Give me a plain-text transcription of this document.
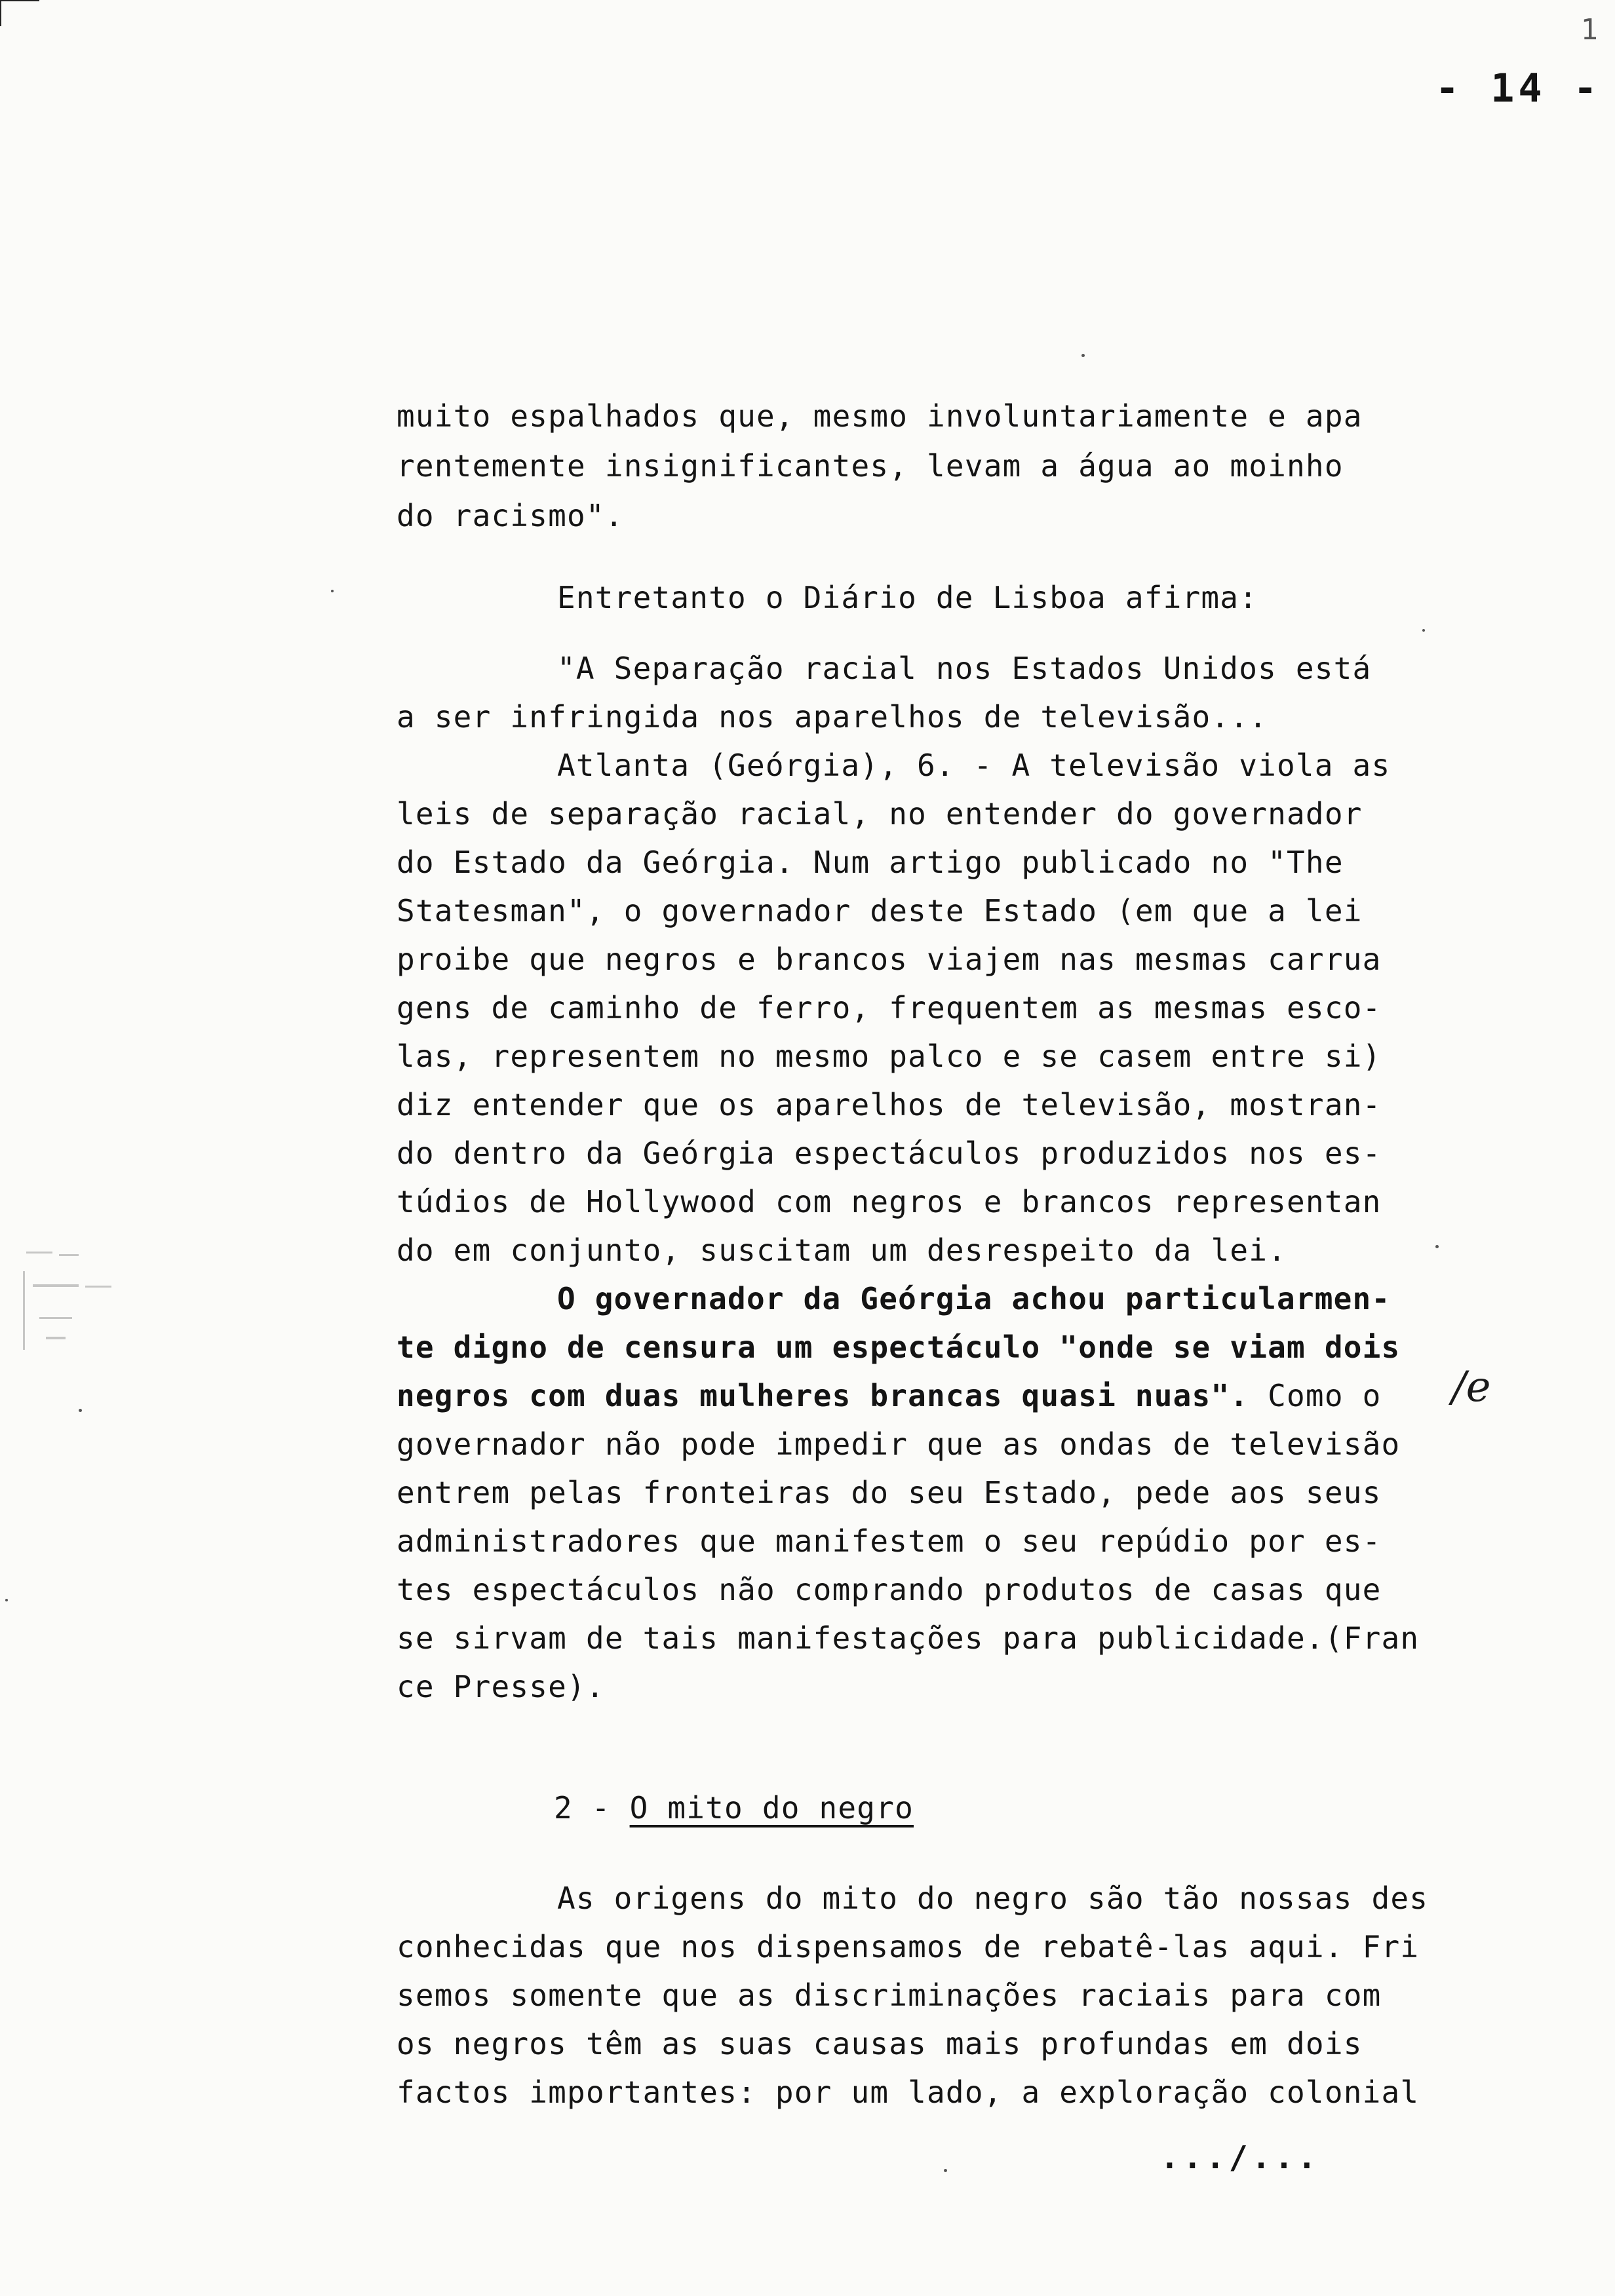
1
- 14 -

muito espalhados que, mesmo involuntariamente e apa

rentemente insignificantes, levam a água ao moinho

do racismo".

Entretanto o Diário de Lisboa afirma:

"A Separação racial nos Estados Unidos está

a ser infringida nos aparelhos de televisão...

Atlanta (Geórgia), 6. - A televisão viola as

leis de separação racial, no entender do governador

do Estado da Geórgia. Num artigo publicado no "The

Statesman", o governador deste Estado (em que a lei

proibe que negros e brancos viajem nas mesmas carrua

gens de caminho de ferro, frequentem as mesmas esco-

las, representem no mesmo palco e se casem entre si)

diz entender que os aparelhos de televisão, mostran-

do dentro da Geórgia espectáculos produzidos nos es-

túdios de Hollywood com negros e brancos representan

do em conjunto, suscitam um desrespeito da lei.

O governador da Geórgia achou particularmen-

te digno de censura um espectáculo "onde se viam dois

negros com duas mulheres brancas quasi nuas". Como o

governador não pode impedir que as ondas de televisão

entrem pelas fronteiras do seu Estado, pede aos seus

administradores que manifestem o seu repúdio por es-

tes espectáculos não comprando produtos de casas que

se sirvam de tais manifestações para publicidade.(Fran

ce Presse).

/e

2 - O mito do negro

As origens do mito do negro são tão nossas des

conhecidas que nos dispensamos de rebatê-las aqui. Fri

semos somente que as discriminações raciais para com

os negros têm as suas causas mais profundas em dois

factos importantes: por um lado, a exploração colonial

.../...
